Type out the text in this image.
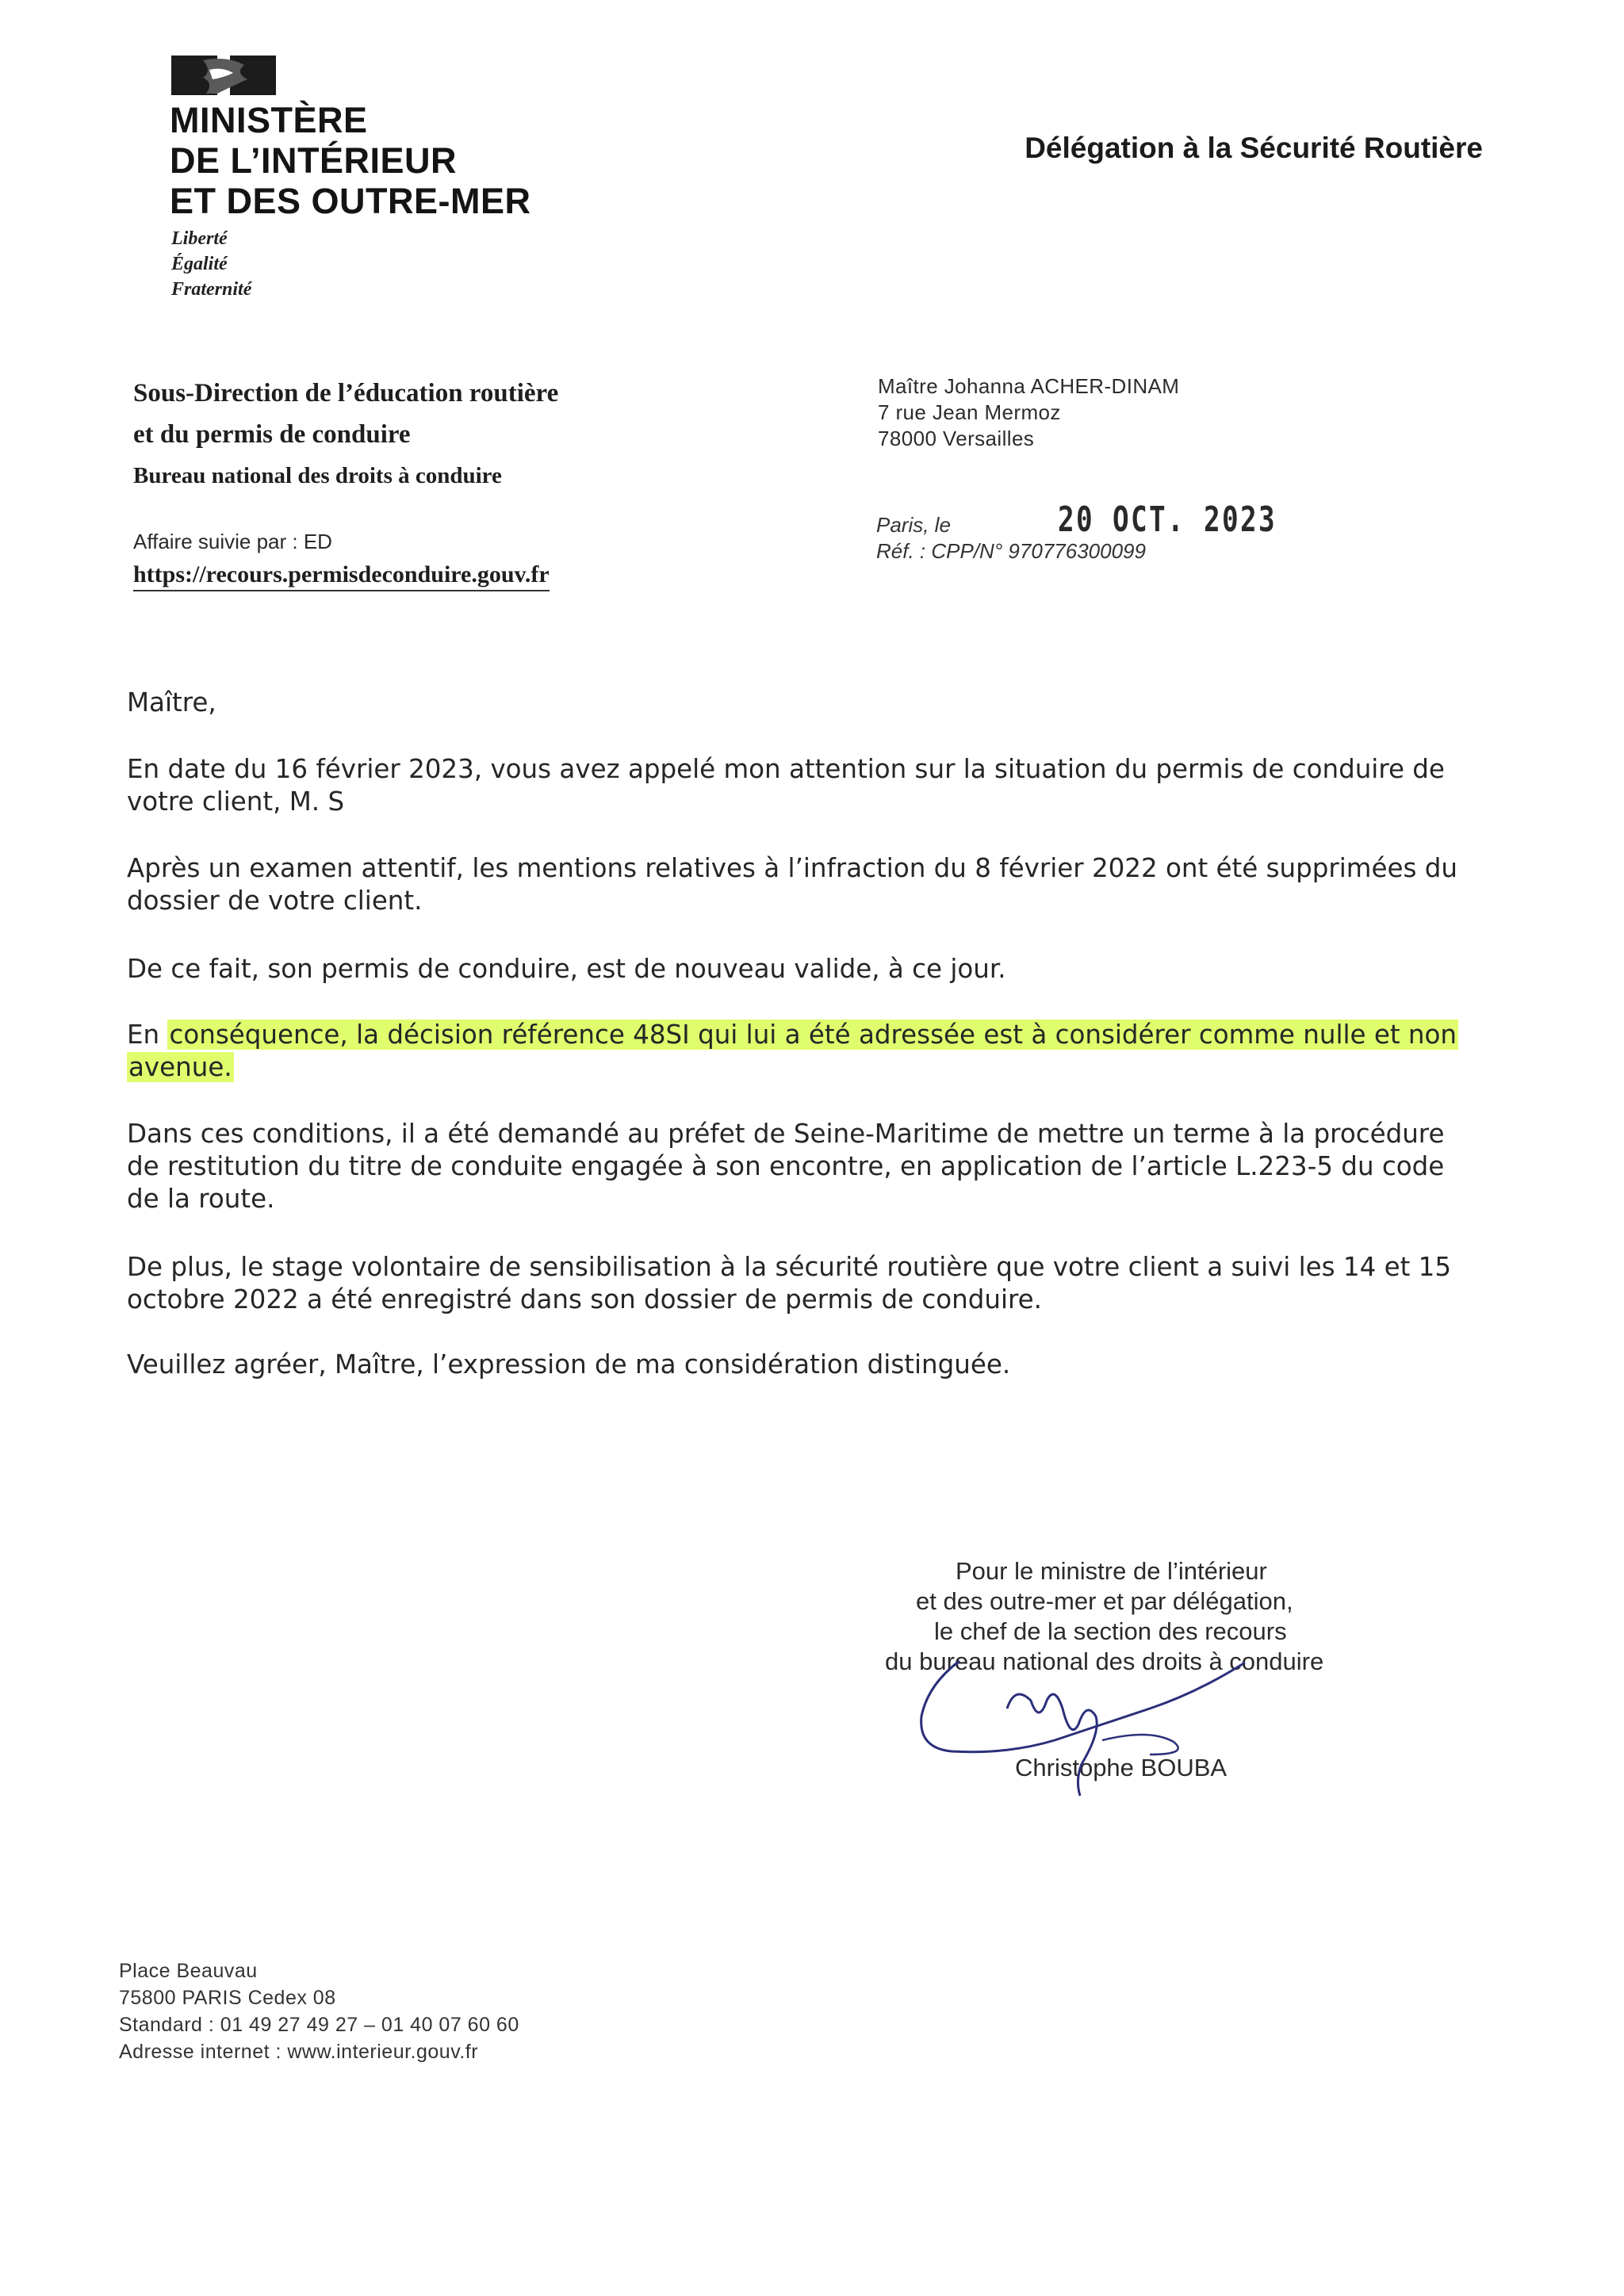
MINISTÈRE
DE L’INTÉRIEUR
ET DES OUTRE-MER
Liberté
Égalité
Fraternité
Délégation à la Sécurité Routière
Sous-Direction de l’éducation routière
et du permis de conduire
Bureau national des droits à conduire
Affaire suivie par : ED
https://recours.permisdeconduire.gouv.fr
Maître Johanna ACHER-DINAM
7 rue Jean Mermoz
78000 Versailles
Paris, le	20 OCT. 2023
Réf. : CPP/N° 970776300099
Maître,
En date du 16 février 2023, vous avez appelé mon attention sur la situation du permis de conduire de votre client, M. S
Après un examen attentif, les mentions relatives à l’infraction du 8 février 2022 ont été supprimées du dossier de votre client.
De ce fait, son permis de conduire, est de nouveau valide, à ce jour.
En conséquence, la décision référence 48SI qui lui a été adressée est à considérer comme nulle et non avenue.
Dans ces conditions, il a été demandé au préfet de Seine-Maritime de mettre un terme à la procédure de restitution du titre de conduite engagée à son encontre, en application de l’article L.223-5 du code de la route.
De plus, le stage volontaire de sensibilisation à la sécurité routière que votre client a suivi les 14 et 15 octobre 2022 a été enregistré dans son dossier de permis de conduire.
Veuillez agréer, Maître, l’expression de ma considération distinguée.
Pour le ministre de l’intérieur
et des outre-mer et par délégation,
le chef de la section des recours
du bureau national des droits à conduire
Christophe BOUBA
Place Beauvau
75800 PARIS Cedex 08
Standard : 01 49 27 49 27 – 01 40 07 60 60
Adresse internet : www.interieur.gouv.fr
